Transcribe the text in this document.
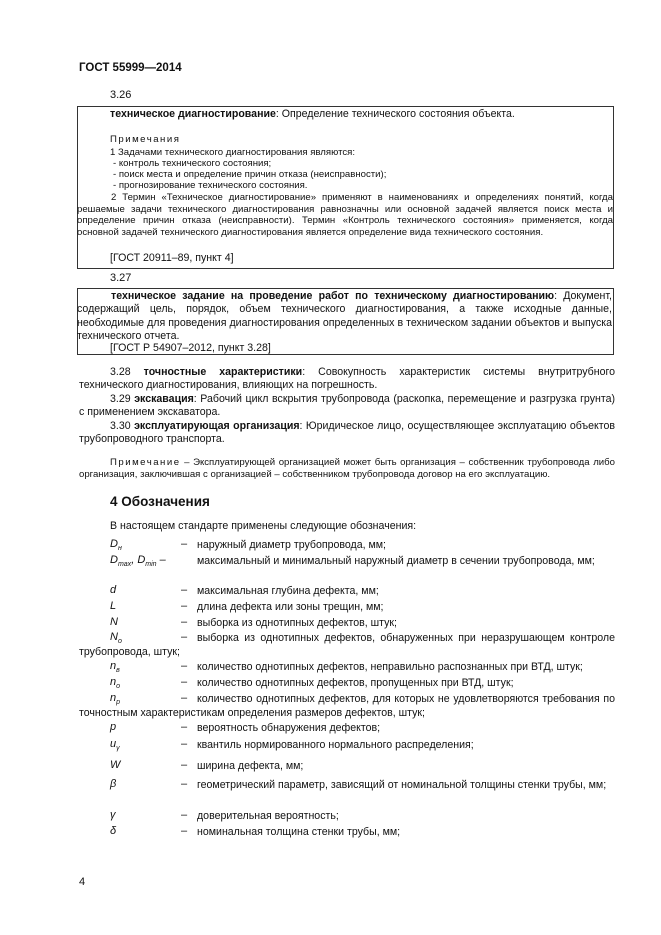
ГОСТ 55999—2014
3.26

техническое диагностирование: Определение технического состояния объекта.

Примечания

1 Задачами технического диагностирования являются:

- контроль технического состояния;

- поиск места и определение причин отказа (неисправности);

- прогнозирование технического состояния.

2 Термин «Техническое диагностирование» применяют в наименованиях и определениях понятий, когда решаемые задачи технического диагностирования равнозначны или основной задачей является поиск места и определение причин отказа (неисправности). Термин «Контроль технического состояния» применяется, когда основной задачей технического диагностирования является определение вида технического состояния.

[ГОСТ 20911–89, пункт 4]

3.27

техническое задание на проведение работ по техническому диагностированию: Документ, содержащий цель, порядок, объем технического диагностирования, а также исходные данные, необходимые для проведения диагностирования определенных в техническом задании объектов и выпуска технического отчета.

[ГОСТ Р 54907–2012, пункт 3.28]

3.28 точностные характеристики: Совокупность характеристик системы внутритрубного технического диагностирования, влияющих на погрешность.

3.29 экскавация: Рабочий цикл вскрытия трубопровода (раскопка, перемещение и разгрузка грунта) с применением экскаватора.

3.30 эксплуатирующая организация: Юридическое лицо, осуществляющее эксплуатацию объектов трубопроводного транспорта.

Примечание – Эксплуатирующей организацией может быть организация – собственник трубопровода либо организация, заключившая с организацией – собственником трубопровода договор на его эксплуатацию.

4 Обозначения
В настоящем стандарте применены следующие обозначения:
$D_н$	– наружный диаметр трубопровода, мм;
$D_{max}$, $D_{min}$ –	максимальный и минимальный наружный диаметр в сечении трубопровода, мм;
d	– максимальная глубина дефекта, мм;
L	– длина дефекта или зоны трещин, мм;
N	– выборка из однотипных дефектов, штук;
$N_о$	– выборка из однотипных дефектов, обнаруженных при неразрушающем контроле трубопровода, штук;
$n_в$	– количество однотипных дефектов, неправильно распознанных при ВТД, штук;
$n_о$	– количество однотипных дефектов, пропущенных при ВТД, штук;
$n_р$	– количество однотипных дефектов, для которых не удовлетворяются требования по точностным характеристикам определения размеров дефектов, штук;
p	– вероятность обнаружения дефектов;
$u_\gamma$	– квантиль нормированного нормального распределения;
W	– ширина дефекта, мм;
β	– геометрический параметр, зависящий от номинальной толщины стенки трубы, мм;
γ	– доверительная вероятность;
δ	– номинальная толщина стенки трубы, мм;
4
